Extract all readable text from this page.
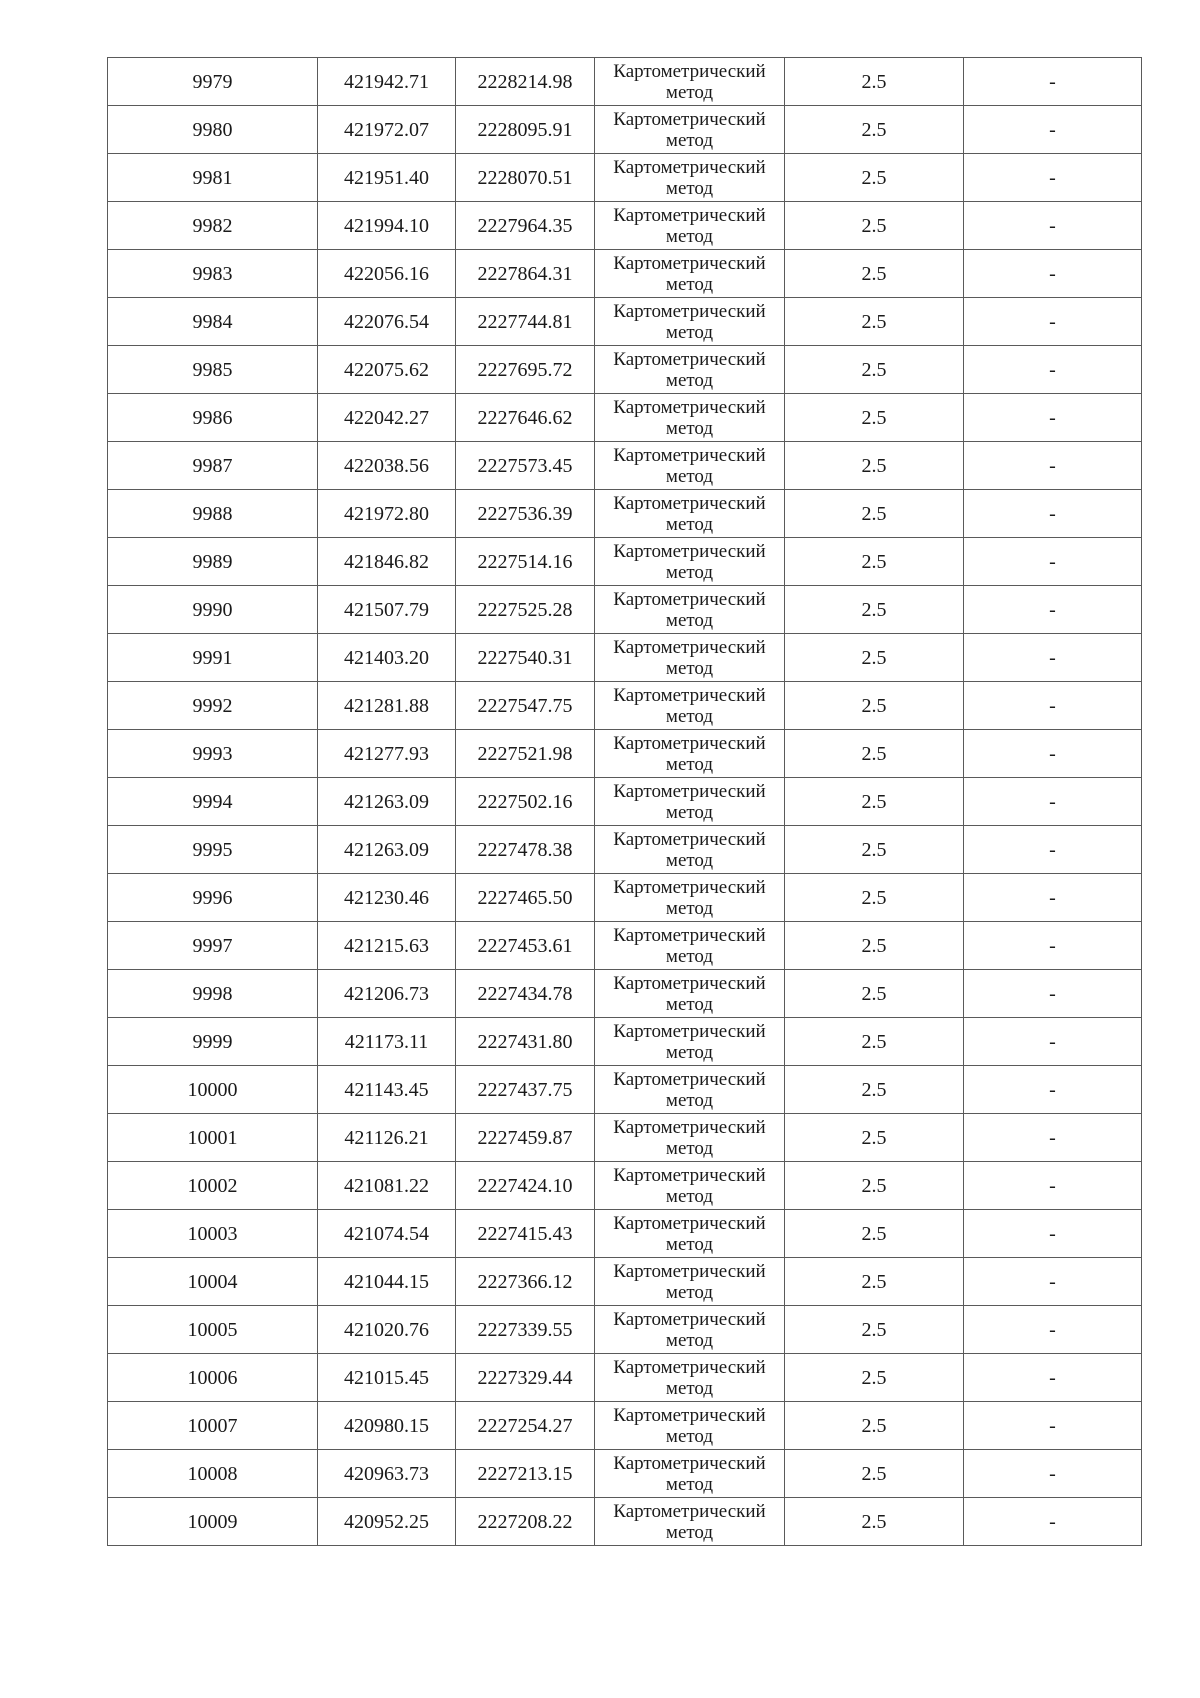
9979	421942.71	2228214.98	Картометрический метод	2.5	-
9980	421972.07	2228095.91	Картометрический метод	2.5	-
9981	421951.40	2228070.51	Картометрический метод	2.5	-
9982	421994.10	2227964.35	Картометрический метод	2.5	-
9983	422056.16	2227864.31	Картометрический метод	2.5	-
9984	422076.54	2227744.81	Картометрический метод	2.5	-
9985	422075.62	2227695.72	Картометрический метод	2.5	-
9986	422042.27	2227646.62	Картометрический метод	2.5	-
9987	422038.56	2227573.45	Картометрический метод	2.5	-
9988	421972.80	2227536.39	Картометрический метод	2.5	-
9989	421846.82	2227514.16	Картометрический метод	2.5	-
9990	421507.79	2227525.28	Картометрический метод	2.5	-
9991	421403.20	2227540.31	Картометрический метод	2.5	-
9992	421281.88	2227547.75	Картометрический метод	2.5	-
9993	421277.93	2227521.98	Картометрический метод	2.5	-
9994	421263.09	2227502.16	Картометрический метод	2.5	-
9995	421263.09	2227478.38	Картометрический метод	2.5	-
9996	421230.46	2227465.50	Картометрический метод	2.5	-
9997	421215.63	2227453.61	Картометрический метод	2.5	-
9998	421206.73	2227434.78	Картометрический метод	2.5	-
9999	421173.11	2227431.80	Картометрический метод	2.5	-
10000	421143.45	2227437.75	Картометрический метод	2.5	-
10001	421126.21	2227459.87	Картометрический метод	2.5	-
10002	421081.22	2227424.10	Картометрический метод	2.5	-
10003	421074.54	2227415.43	Картометрический метод	2.5	-
10004	421044.15	2227366.12	Картометрический метод	2.5	-
10005	421020.76	2227339.55	Картометрический метод	2.5	-
10006	421015.45	2227329.44	Картометрический метод	2.5	-
10007	420980.15	2227254.27	Картометрический метод	2.5	-
10008	420963.73	2227213.15	Картометрический метод	2.5	-
10009	420952.25	2227208.22	Картометрический метод	2.5	-
